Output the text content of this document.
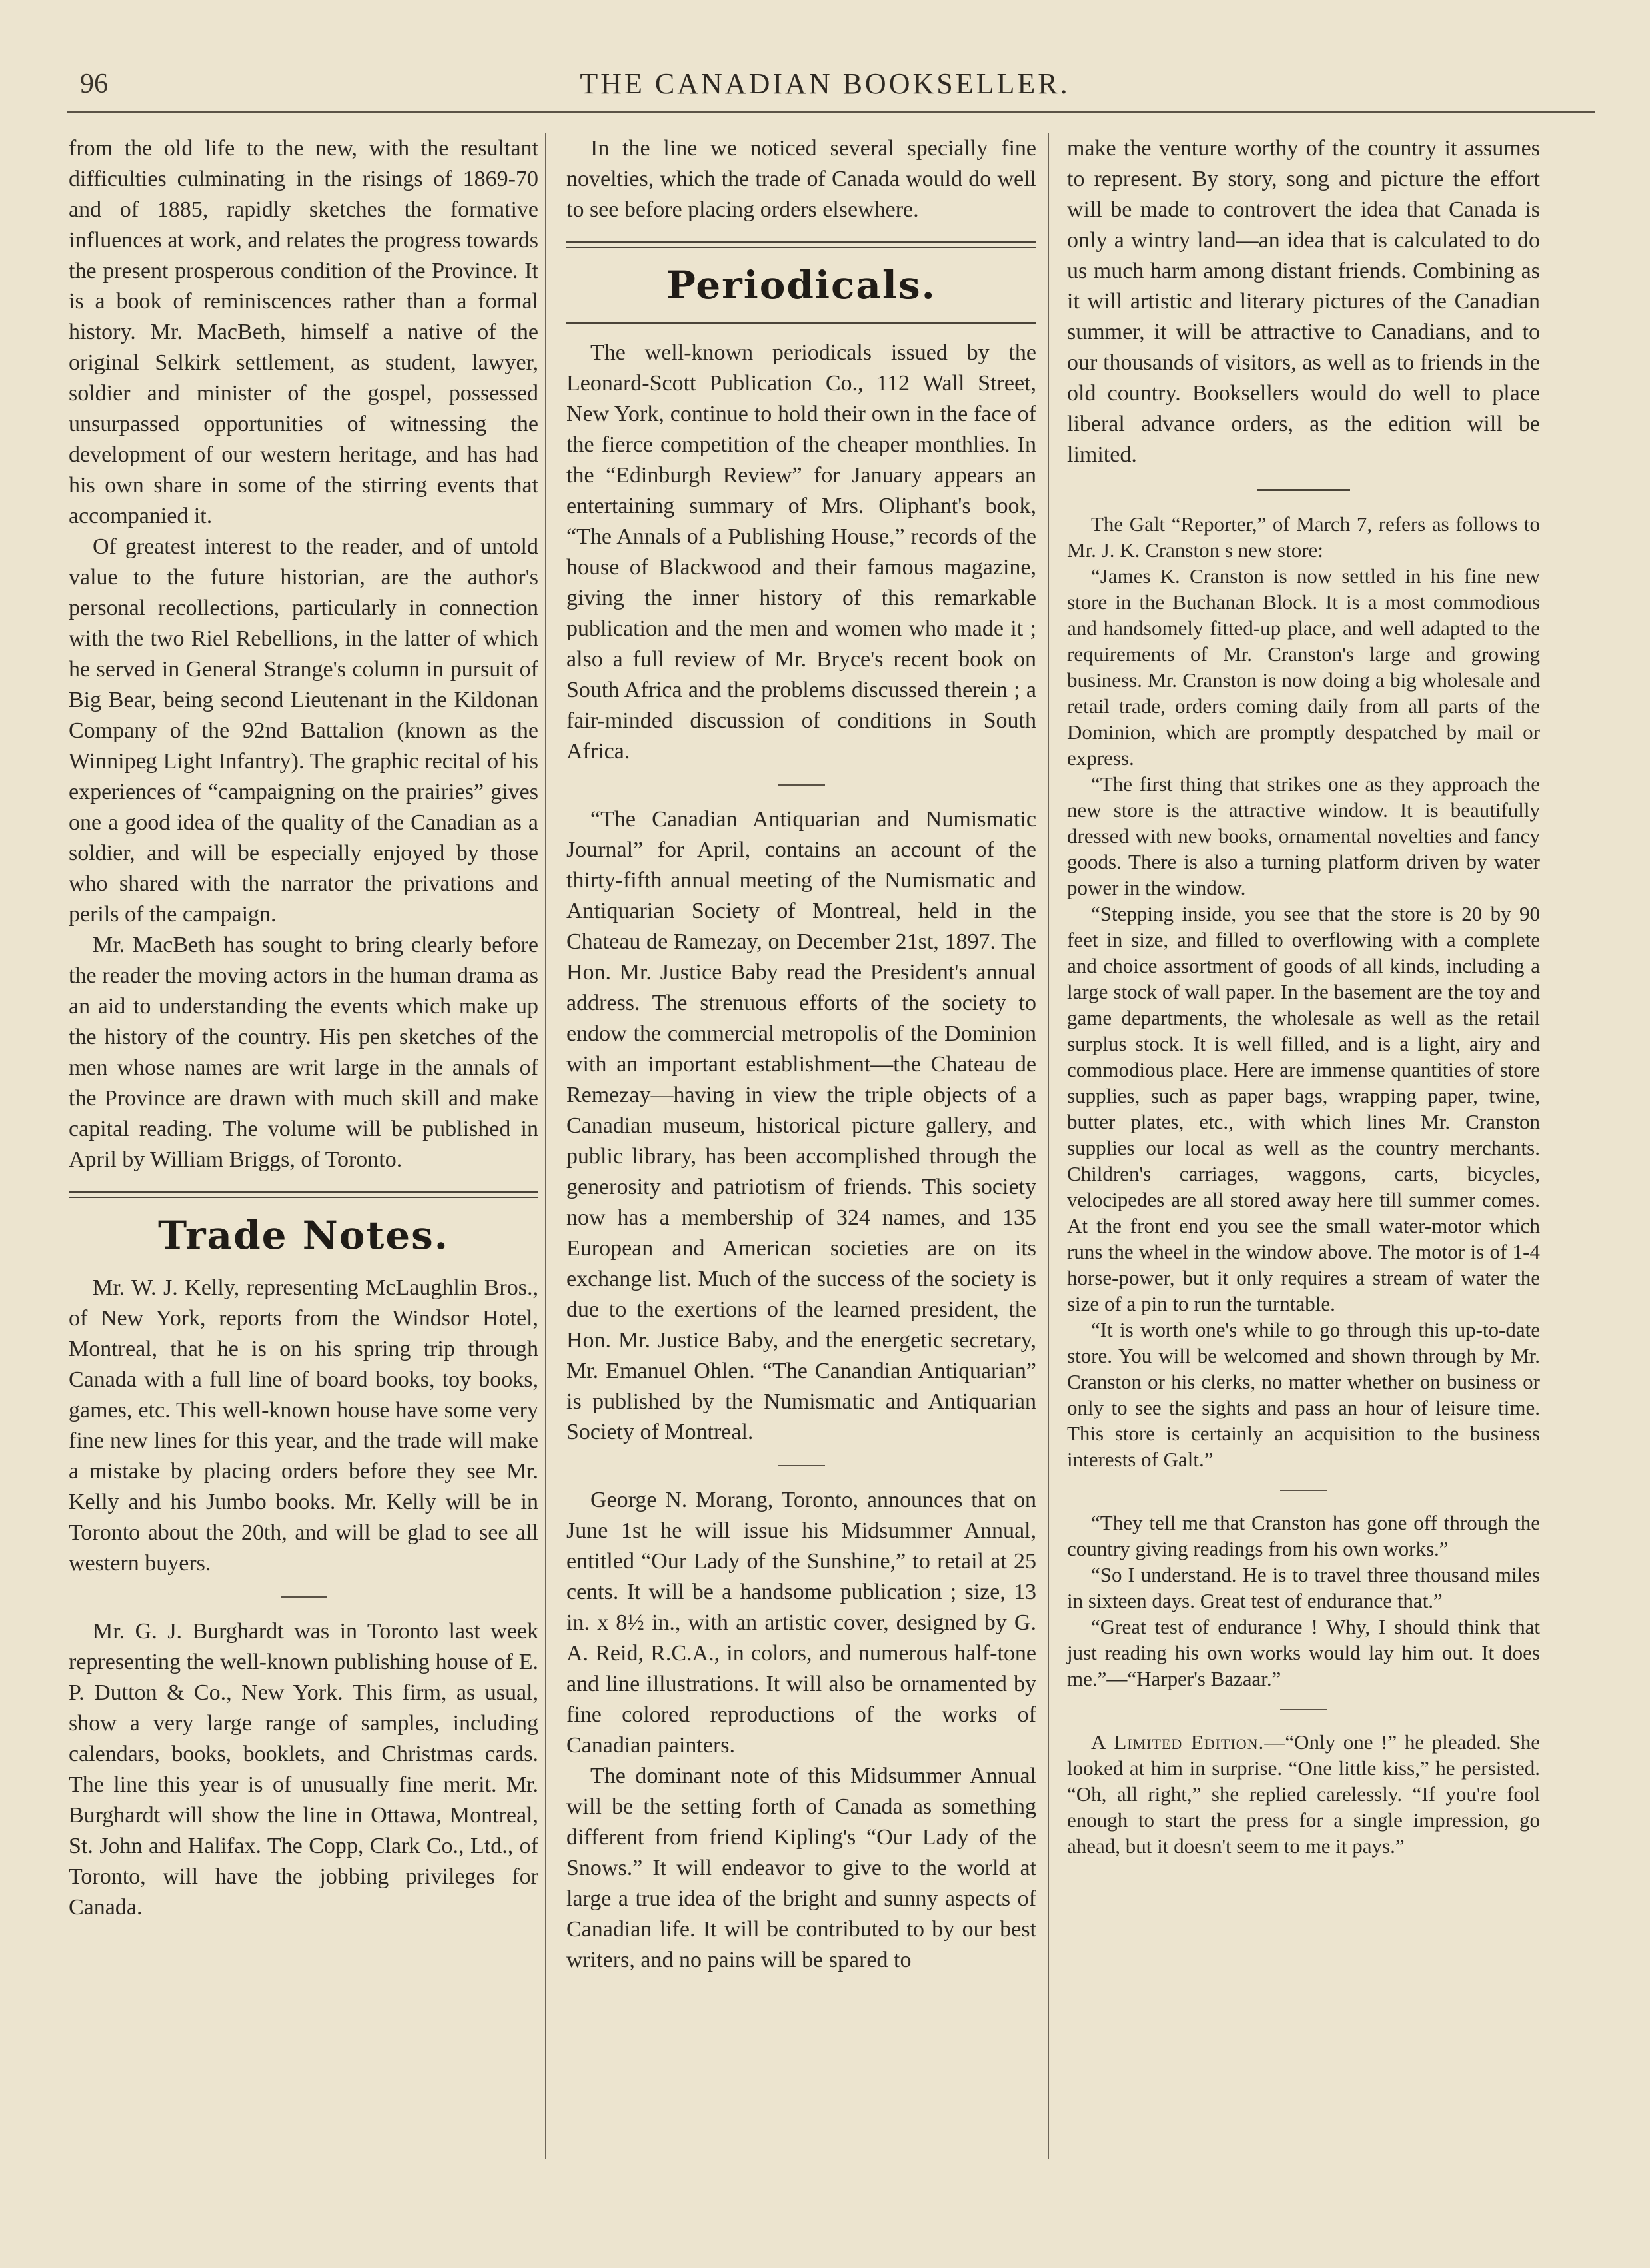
96	THE CANADIAN BOOKSELLER.

from the old life to the new, with the resultant difficulties culminating in the risings of 1869-70 and of 1885, rapidly sketches the formative influences at work, and relates the progress towards the present prosperous condition of the Province. It is a book of reminiscences rather than a formal history. Mr. MacBeth, himself a native of the original Selkirk settlement, as student, lawyer, soldier and minister of the gospel, possessed unsurpassed opportunities of witnessing the development of our western heritage, and has had his own share in some of the stirring events that accompanied it.

Of greatest interest to the reader, and of untold value to the future historian, are the author's personal recollections, particularly in connection with the two Riel Rebellions, in the latter of which he served in General Strange's column in pursuit of Big Bear, being second Lieutenant in the Kildonan Company of the 92nd Battalion (known as the Winnipeg Light Infantry). The graphic recital of his experiences of “campaigning on the prairies” gives one a good idea of the quality of the Canadian as a soldier, and will be especially enjoyed by those who shared with the narrator the privations and perils of the campaign.

Mr. MacBeth has sought to bring clearly before the reader the moving actors in the human drama as an aid to understanding the events which make up the history of the country. His pen sketches of the men whose names are writ large in the annals of the Province are drawn with much skill and make capital reading. The volume will be published in April by William Briggs, of Toronto.

Trade Notes.

Mr. W. J. Kelly, representing McLaughlin Bros., of New York, reports from the Windsor Hotel, Montreal, that he is on his spring trip through Canada with a full line of board books, toy books, games, etc. This well-known house have some very fine new lines for this year, and the trade will make a mistake by placing orders before they see Mr. Kelly and his Jumbo books. Mr. Kelly will be in Toronto about the 20th, and will be glad to see all western buyers.

Mr. G. J. Burghardt was in Toronto last week representing the well-known publishing house of E. P. Dutton & Co., New York. This firm, as usual, show a very large range of samples, including calendars, books, booklets, and Christmas cards. The line this year is of unusually fine merit. Mr. Burghardt will show the line in Ottawa, Montreal, St. John and Halifax. The Copp, Clark Co., Ltd., of Toronto, will have the jobbing privileges for Canada.

In the line we noticed several specially fine novelties, which the trade of Canada would do well to see before placing orders elsewhere.

Periodicals.

The well-known periodicals issued by the Leonard-Scott Publication Co., 112 Wall Street, New York, continue to hold their own in the face of the fierce competition of the cheaper monthlies. In the “Edinburgh Review” for January appears an entertaining summary of Mrs. Oliphant's book, “The Annals of a Publishing House,” records of the house of Blackwood and their famous magazine, giving the inner history of this remarkable publication and the men and women who made it ; also a full review of Mr. Bryce's recent book on South Africa and the problems discussed therein ; a fair-minded discussion of conditions in South Africa.

“The Canadian Antiquarian and Numismatic Journal” for April, contains an account of the thirty-fifth annual meeting of the Numismatic and Antiquarian Society of Montreal, held in the Chateau de Ramezay, on December 21st, 1897. The Hon. Mr. Justice Baby read the President's annual address. The strenuous efforts of the society to endow the commercial metropolis of the Dominion with an important establishment—the Chateau de Remezay—having in view the triple objects of a Canadian museum, historical picture gallery, and public library, has been accomplished through the generosity and patriotism of friends. This society now has a membership of 324 names, and 135 European and American societies are on its exchange list. Much of the success of the society is due to the exertions of the learned president, the Hon. Mr. Justice Baby, and the energetic secretary, Mr. Emanuel Ohlen. “The Canandian Antiquarian” is published by the Numismatic and Antiquarian Society of Montreal.

George N. Morang, Toronto, announces that on June 1st he will issue his Midsummer Annual, entitled “Our Lady of the Sunshine,” to retail at 25 cents. It will be a handsome publication ; size, 13 in. x 8½ in., with an artistic cover, designed by G. A. Reid, R.C.A., in colors, and numerous half-tone and line illustrations. It will also be ornamented by fine colored reproductions of the works of Canadian painters.

The dominant note of this Midsummer Annual will be the setting forth of Canada as something different from friend Kipling's “Our Lady of the Snows.” It will endeavor to give to the world at large a true idea of the bright and sunny aspects of Canadian life. It will be contributed to by our best writers, and no pains will be spared to

make the venture worthy of the country it assumes to represent. By story, song and picture the effort will be made to controvert the idea that Canada is only a wintry land—an idea that is calculated to do us much harm among distant friends. Combining as it will artistic and literary pictures of the Canadian summer, it will be attractive to Canadians, and to our thousands of visitors, as well as to friends in the old country. Booksellers would do well to place liberal advance orders, as the edition will be limited.

The Galt “Reporter,” of March 7, refers as follows to Mr. J. K. Cranston s new store:

“James K. Cranston is now settled in his fine new store in the Buchanan Block. It is a most commodious and handsomely fitted-up place, and well adapted to the requirements of Mr. Cranston's large and growing business. Mr. Cranston is now doing a big wholesale and retail trade, orders coming daily from all parts of the Dominion, which are promptly despatched by mail or express.

“The first thing that strikes one as they approach the new store is the attractive window. It is beautifully dressed with new books, ornamental novelties and fancy goods. There is also a turning platform driven by water power in the window.

“Stepping inside, you see that the store is 20 by 90 feet in size, and filled to overflowing with a complete and choice assortment of goods of all kinds, including a large stock of wall paper. In the basement are the toy and game departments, the wholesale as well as the retail surplus stock. It is well filled, and is a light, airy and commodious place. Here are immense quantities of store supplies, such as paper bags, wrapping paper, twine, butter plates, etc., with which lines Mr. Cranston supplies our local as well as the country merchants. Children's carriages, waggons, carts, bicycles, velocipedes are all stored away here till summer comes. At the front end you see the small water-motor which runs the wheel in the window above. The motor is of 1-4 horse-power, but it only requires a stream of water the size of a pin to run the turntable.

“It is worth one's while to go through this up-to-date store. You will be welcomed and shown through by Mr. Cranston or his clerks, no matter whether on business or only to see the sights and pass an hour of leisure time. This store is certainly an acquisition to the business interests of Galt.”

“They tell me that Cranston has gone off through the country giving readings from his own works.”

“So I understand. He is to travel three thousand miles in sixteen days. Great test of endurance that.”

“Great test of endurance ! Why, I should think that just reading his own works would lay him out. It does me.”—“Harper's Bazaar.”

A Limited Edition.—“Only one !” he pleaded. She looked at him in surprise. “One little kiss,” he persisted. “Oh, all right,” she replied carelessly. “If you're fool enough to start the press for a single impression, go ahead, but it doesn't seem to me it pays.”
